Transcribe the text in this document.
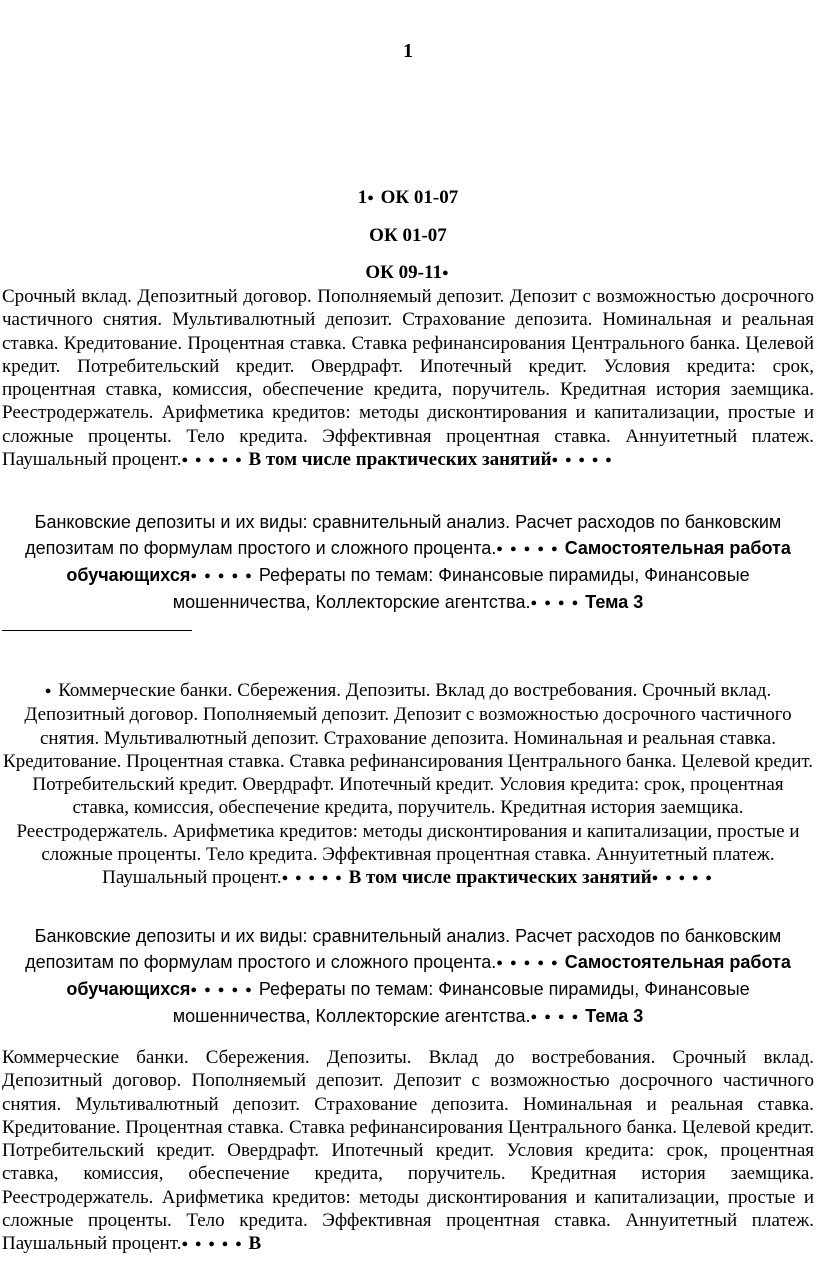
1
1● ОК 01-07
ОК 01-07
ОК 09-11●
Срочный вклад. Депозитный договор. Пополняемый депозит. Депозит с возможностью досрочного частичного снятия. Мультивалютный депозит. Страхование депозита. Номинальная и реальная ставка. Кредитование. Процентная ставка. Ставка рефинансирования Центрального банка. Целевой кредит. Потребительский кредит. Овердрафт. Ипотечный кредит. Условия кредита: срок, процентная ставка, комиссия, обеспечение кредита, поручитель. Кредитная история заемщика. Реестродержатель. Арифметика кредитов: методы дисконтирования и капитализации, простые и сложные проценты. Тело кредита. Эффективная процентная ставка. Аннуитетный платеж. Паушальный процент.● ● ● ● ● В том числе практических занятий● ● ● ● ●
Банковские депозиты и их виды: сравнительный анализ. Расчет расходов по банковским депозитам по формулам простого и сложного процента.● ● ● ● ● Самостоятельная работа обучающихся● ● ● ● ● Рефераты по темам: Финансовые пирамиды, Финансовые мошенничества, Коллекторские агентства.● ● ● ● Тема 3
● Коммерческие банки. Сбережения. Депозиты. Вклад до востребования. Срочный вклад. Депозитный договор. Пополняемый депозит. Депозит с возможностью досрочного частичного снятия. Мультивалютный депозит. Страхование депозита. Номинальная и реальная ставка. Кредитование. Процентная ставка. Ставка рефинансирования Центрального банка. Целевой кредит. Потребительский кредит. Овердрафт. Ипотечный кредит. Условия кредита: срок, процентная ставка, комиссия, обеспечение кредита, поручитель. Кредитная история заемщика. Реестродержатель. Арифметика кредитов: методы дисконтирования и капитализации, простые и сложные проценты. Тело кредита. Эффективная процентная ставка. Аннуитетный платеж. Паушальный процент.● ● ● ● ● В том числе практических занятий● ● ● ● ●
Банковские депозиты и их виды: сравнительный анализ. Расчет расходов по банковским депозитам по формулам простого и сложного процента.● ● ● ● ● Самостоятельная работа обучающихся● ● ● ● ● Рефераты по темам: Финансовые пирамиды, Финансовые мошенничества, Коллекторские агентства.● ● ● ● Тема 3
Коммерческие банки. Сбережения. Депозиты. Вклад до востребования. Срочный вклад. Депозитный договор. Пополняемый депозит. Депозит с возможностью досрочного частичного снятия. Мультивалютный депозит. Страхование депозита. Номинальная и реальная ставка. Кредитование. Процентная ставка. Ставка рефинансирования Центрального банка. Целевой кредит. Потребительский кредит. Овердрафт. Ипотечный кредит. Условия кредита: срок, процентная ставка, комиссия, обеспечение кредита, поручитель. Кредитная история заемщика. Реестродержатель. Арифметика кредитов: методы дисконтирования и капитализации, простые и сложные проценты. Тело кредита. Эффективная процентная ставка. Аннуитетный платеж. Паушальный процент.● ● ● ● ● В
